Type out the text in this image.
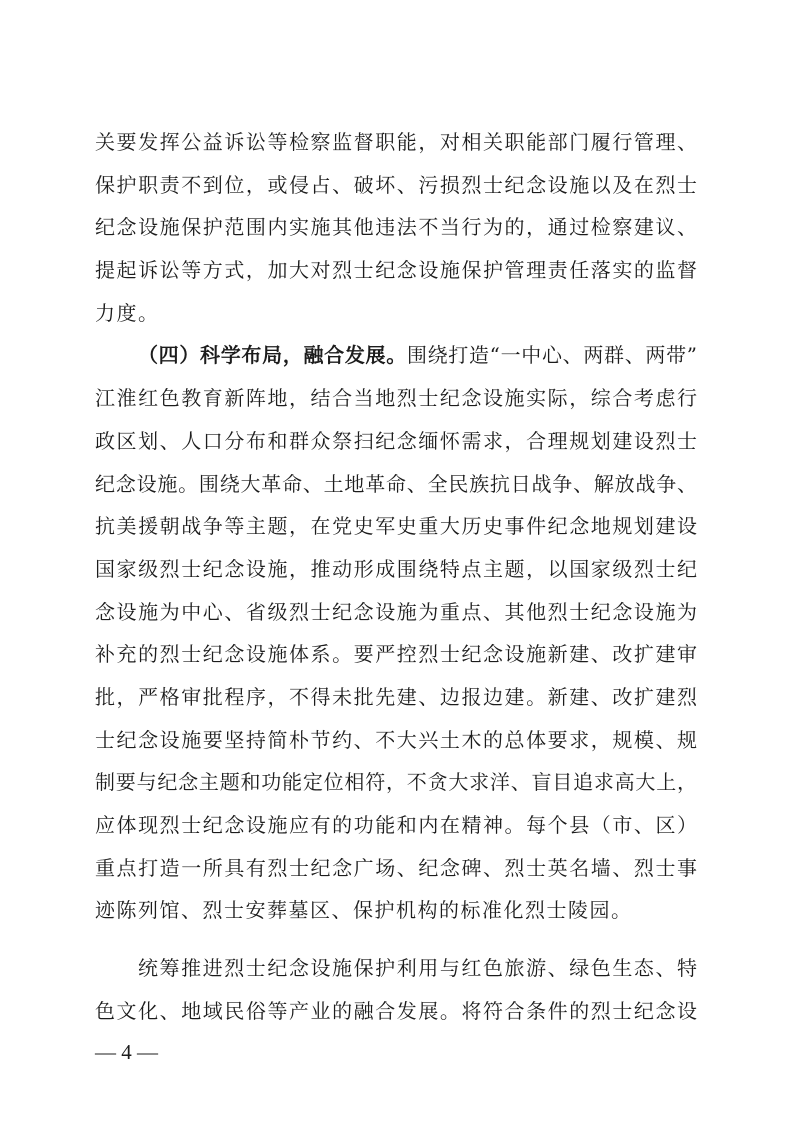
关要发挥公益诉讼等检察监督职能，对相关职能部门履行管理、
保护职责不到位，或侵占、破坏、污损烈士纪念设施以及在烈士
纪念设施保护范围内实施其他违法不当行为的，通过检察建议、
提起诉讼等方式，加大对烈士纪念设施保护管理责任落实的监督
力度。
（四）科学布局，融合发展。围绕打造“一中心、两群、两带”
江淮红色教育新阵地，结合当地烈士纪念设施实际，综合考虑行
政区划、人口分布和群众祭扫纪念缅怀需求，合理规划建设烈士
纪念设施。围绕大革命、土地革命、全民族抗日战争、解放战争、
抗美援朝战争等主题，在党史军史重大历史事件纪念地规划建设
国家级烈士纪念设施，推动形成围绕特点主题，以国家级烈士纪
念设施为中心、省级烈士纪念设施为重点、其他烈士纪念设施为
补充的烈士纪念设施体系。要严控烈士纪念设施新建、改扩建审
批，严格审批程序，不得未批先建、边报边建。新建、改扩建烈
士纪念设施要坚持简朴节约、不大兴土木的总体要求，规模、规
制要与纪念主题和功能定位相符，不贪大求洋、盲目追求高大上，
应体现烈士纪念设施应有的功能和内在精神。每个县（市、区）
重点打造一所具有烈士纪念广场、纪念碑、烈士英名墙、烈士事
迹陈列馆、烈士安葬墓区、保护机构的标准化烈士陵园。
统筹推进烈士纪念设施保护利用与红色旅游、绿色生态、特
色文化、地域民俗等产业的融合发展。将符合条件的烈士纪念设
— 4 —
